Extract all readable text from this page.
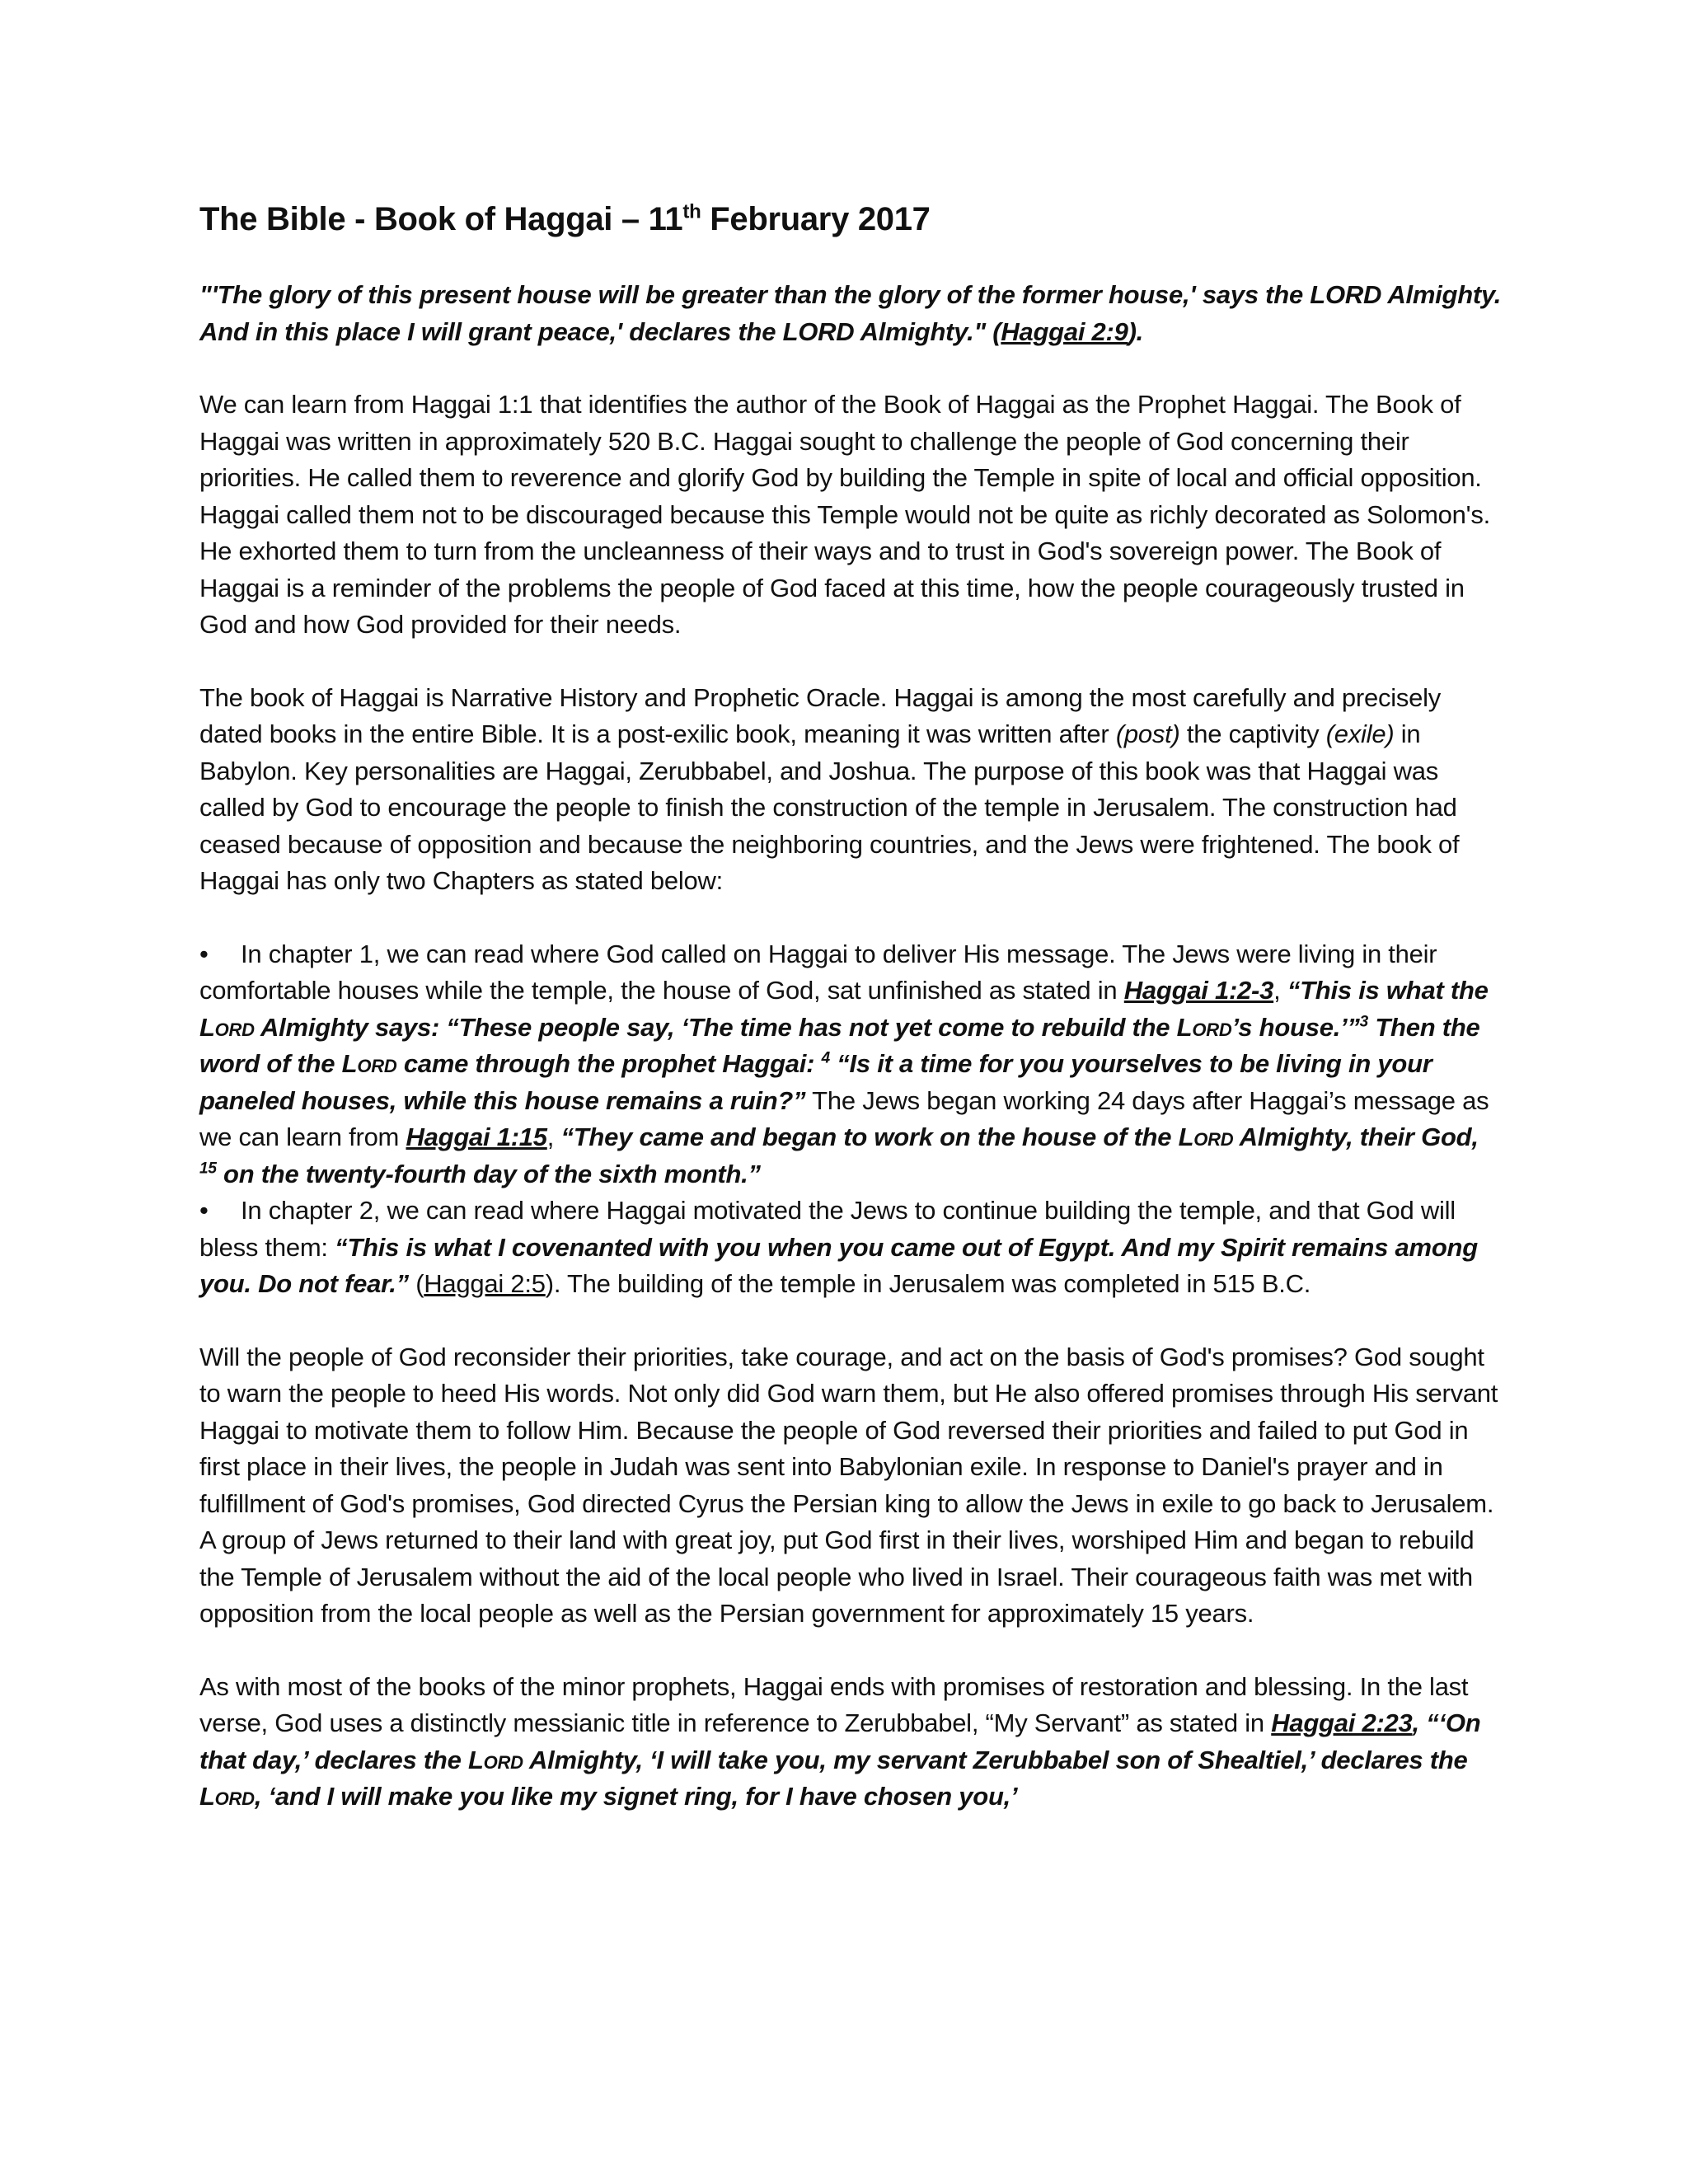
The Bible - Book of Haggai – 11th February 2017

"'The glory of this present house will be greater than the glory of the former house,' says the LORD Almighty. And in this place I will grant peace,' declares the LORD Almighty." (Haggai 2:9).

We can learn from Haggai 1:1 that identifies the author of the Book of Haggai as the Prophet Haggai. The Book of Haggai was written in approximately 520 B.C. Haggai sought to challenge the people of God concerning their priorities. He called them to reverence and glorify God by building the Temple in spite of local and official opposition. Haggai called them not to be discouraged because this Temple would not be quite as richly decorated as Solomon's. He exhorted them to turn from the uncleanness of their ways and to trust in God's sovereign power. The Book of Haggai is a reminder of the problems the people of God faced at this time, how the people courageously trusted in God and how God provided for their needs.

The book of Haggai is Narrative History and Prophetic Oracle. Haggai is among the most carefully and precisely dated books in the entire Bible. It is a post-exilic book, meaning it was written after (post) the captivity (exile) in Babylon. Key personalities are Haggai, Zerubbabel, and Joshua. The purpose of this book was that Haggai was called by God to encourage the people to finish the construction of the temple in Jerusalem. The construction had ceased because of opposition and because the neighboring countries, and the Jews were frightened. The book of Haggai has only two Chapters as stated below:

• In chapter 1, we can read where God called on Haggai to deliver His message. The Jews were living in their comfortable houses while the temple, the house of God, sat unfinished as stated in Haggai 1:2-3, “This is what the Lord Almighty says: “These people say, ‘The time has not yet come to rebuild the Lord’s house.’”$^3$ Then the word of the Lord came through the prophet Haggai: $^4$ “Is it a time for you yourselves to be living in your paneled houses, while this house remains a ruin?” The Jews began working 24 days after Haggai’s message as we can learn from Haggai 1:15, “They came and began to work on the house of the Lord Almighty, their God, $^{15}$ on the twenty-fourth day of the sixth month.”
• In chapter 2, we can read where Haggai motivated the Jews to continue building the temple, and that God will bless them: “This is what I covenanted with you when you came out of Egypt. And my Spirit remains among you. Do not fear.” (Haggai 2:5). The building of the temple in Jerusalem was completed in 515 B.C.

Will the people of God reconsider their priorities, take courage, and act on the basis of God's promises? God sought to warn the people to heed His words. Not only did God warn them, but He also offered promises through His servant Haggai to motivate them to follow Him. Because the people of God reversed their priorities and failed to put God in first place in their lives, the people in Judah was sent into Babylonian exile. In response to Daniel's prayer and in fulfillment of God's promises, God directed Cyrus the Persian king to allow the Jews in exile to go back to Jerusalem. A group of Jews returned to their land with great joy, put God first in their lives, worshiped Him and began to rebuild the Temple of Jerusalem without the aid of the local people who lived in Israel. Their courageous faith was met with opposition from the local people as well as the Persian government for approximately 15 years.

As with most of the books of the minor prophets, Haggai ends with promises of restoration and blessing. In the last verse, God uses a distinctly messianic title in reference to Zerubbabel, “My Servant” as stated in Haggai 2:23, “‘On that day,’ declares the Lord Almighty, ‘I will take you, my servant Zerubbabel son of Shealtiel,’ declares the Lord, ‘and I will make you like my signet ring, for I have chosen you,’
